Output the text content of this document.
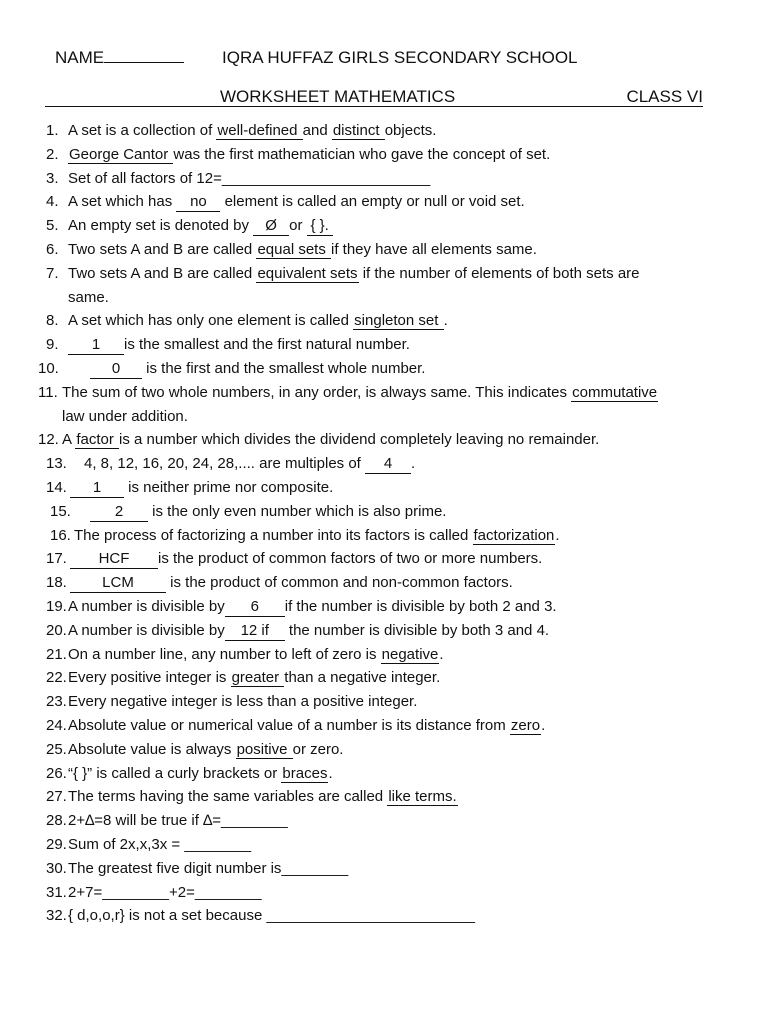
NAME	IQRA HUFFAZ GIRLS SECONDARY SCHOOL
WORKSHEET MATHEMATICS	CLASS VI
1. A set is a collection of well-defined and distinct objects.
2. George Cantor was the first mathematician who gave the concept of set.
3. Set of all factors of 12=_________________________
4. A set which has no element is called an empty or null or void set.
5. An empty set is denoted by Ø or { }.
6. Two sets A and B are called equal sets if they have all elements same.
7. Two sets A and B are called equivalent sets if the number of elements of both sets are
same.
8. A set which has only one element is called singleton set .
9.	1 is the smallest and the first natural number.
10.	0 is the first and the smallest whole number.
11. The sum of two whole numbers, in any order, is always same. This indicates commutative
law under addition.
12. A factor is a number which divides the dividend completely leaving no remainder.
13. 4, 8, 12, 16, 20, 24, 28,.... are multiples of 4 .
14.	1 is neither prime nor composite.
15.	2 is the only even number which is also prime.
16. The process of factorizing a number into its factors is called factorization.
17.	HCF is the product of common factors of two or more numbers.
18.	LCM is the product of common and non-common factors.
19. A number is divisible by 6 if the number is divisible by both 2 and 3.
20. A number is divisible by 12 if the number is divisible by both 3 and 4.
21. On a number line, any number to left of zero is negative.
22. Every positive integer is greater than a negative integer.
23. Every negative integer is less than a positive integer.
24. Absolute value or numerical value of a number is its distance from zero.
25. Absolute value is always positive or zero.
26. “{ }” is called a curly brackets or braces.
27. The terms having the same variables are called like terms.
28. 2+∆=8 will be true if ∆=________
29. Sum of 2x,x,3x = ________
30. The greatest five digit number is________
31. 2+7=________+2=________
32. { d,o,o,r} is not a set because _________________________
